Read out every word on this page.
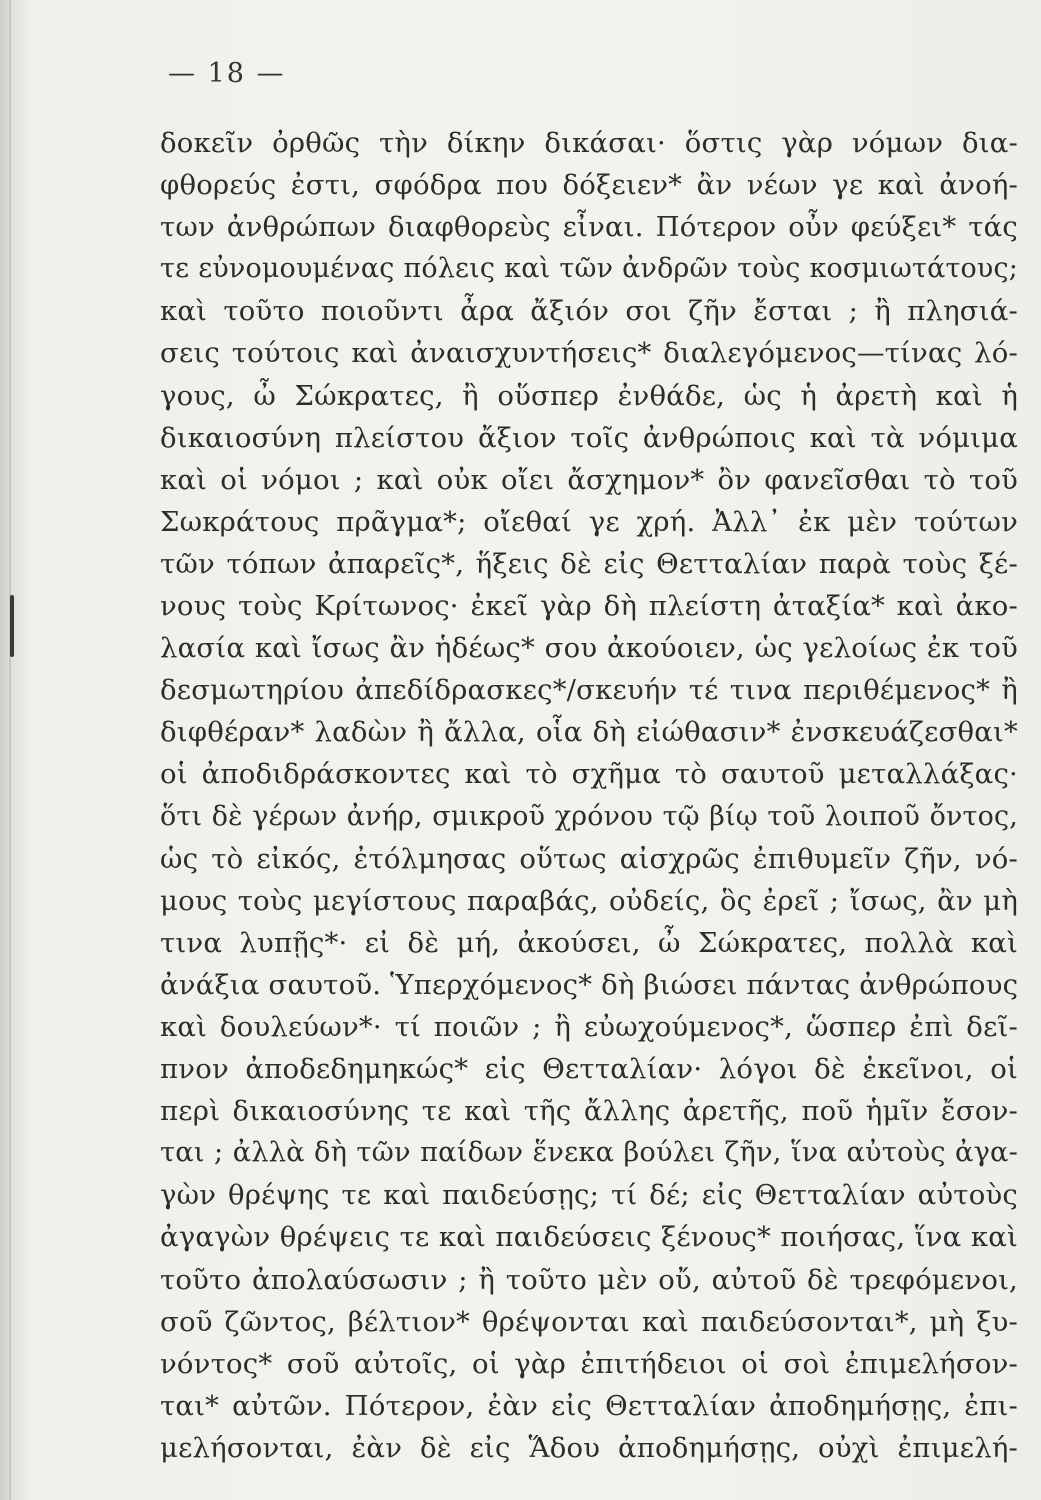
— 18 —
δοκεῖν ὀρθῶς τὴν δίκην δικάσαι· ὅστις γὰρ νόμων δια-
φθορεύς ἐστι, σφόδρα που δόξειεν* ἂν νέων γε καὶ ἀνοή-
των ἀνθρώπων διαφθορεὺς εἶναι. Πότερον οὖν φεύξει* τάς
τε εὐνομουμένας πόλεις καὶ τῶν ἀνδρῶν τοὺς κοσμιωτάτους;
καὶ τοῦτο ποιοῦντι ἆρα ἄξιόν σοι ζῆν ἔσται ; ἢ πλησιά-
σεις τούτοις καὶ ἀναισχυντήσεις* διαλεγόμενος—τίνας λό-
γους, ὦ Σώκρατες, ἢ οὕσπερ ἐνθάδε, ὡς ἡ ἀρετὴ καὶ ἡ
δικαιοσύνη πλείστου ἄξιον τοῖς ἀνθρώποις καὶ τὰ νόμιμα
καὶ οἱ νόμοι ; καὶ οὐκ οἴει ἄσχημον* ὂν φανεῖσθαι τὸ τοῦ
Σωκράτους πρᾶγμα*; οἴεθαί γε χρή. Ἀλλ᾽ ἐκ μὲν τούτων
τῶν τόπων ἀπαρεῖς*, ἥξεις δὲ εἰς Θετταλίαν παρὰ τοὺς ξέ-
νους τοὺς Κρίτωνος· ἐκεῖ γὰρ δὴ πλείστη ἀταξία* καὶ ἀκο-
λασία καὶ ἴσως ἂν ἡδέως* σου ἀκούοιεν, ὡς γελοίως ἐκ τοῦ
δεσμωτηρίου ἀπεδίδρασκες*/σκευήν τέ τινα περιθέμενος* ἢ
διφθέραν* λαδὼν ἢ ἄλλα, οἷα δὴ εἰώθασιν* ἐνσκευάζεσθαι*
οἱ ἀποδιδράσκοντες καὶ τὸ σχῆμα τὸ σαυτοῦ μεταλλάξας·
ὅτι δὲ γέρων ἀνήρ, σμικροῦ χρόνου τῷ βίῳ τοῦ λοιποῦ ὄντος,
ὡς τὸ εἰκός, ἐτόλμησας οὕτως αἰσχρῶς ἐπιθυμεῖν ζῆν, νό-
μους τοὺς μεγίστους παραβάς, οὐδείς, ὃς ἐρεῖ ; ἴσως, ἂν μὴ
τινα λυπῇς*· εἰ δὲ μή, ἀκούσει, ὦ Σώκρατες, πολλὰ καὶ
ἀνάξια σαυτοῦ. Ὑπερχόμενος* δὴ βιώσει πάντας ἀνθρώπους
καὶ δουλεύων*· τί ποιῶν ; ἢ εὐωχούμενος*, ὥσπερ ἐπὶ δεῖ-
πνον ἀποδεδημηκώς* εἰς Θετταλίαν· λόγοι δὲ ἐκεῖνοι, οἱ
περὶ δικαιοσύνης τε καὶ τῆς ἄλλης ἀρετῆς, ποῦ ἡμῖν ἔσον-
ται ; ἀλλὰ δὴ τῶν παίδων ἕνεκα βούλει ζῆν, ἵνα αὐτοὺς ἀγα-
γὼν θρέψης τε καὶ παιδεύσῃς; τί δέ; εἰς Θετταλίαν αὐτοὺς
ἀγαγὼν θρέψεις τε καὶ παιδεύσεις ξένους* ποιήσας, ἵνα καὶ
τοῦτο ἀπολαύσωσιν ; ἢ τοῦτο μὲν οὔ, αὐτοῦ δὲ τρεφόμενοι,
σοῦ ζῶντος, βέλτιον* θρέψονται καὶ παιδεύσονται*, μὴ ξυ-
νόντος* σοῦ αὐτοῖς, οἱ γὰρ ἐπιτήδειοι οἱ σοὶ ἐπιμελήσον-
ται* αὐτῶν. Πότερον, ἐὰν εἰς Θετταλίαν ἀποδημήσῃς, ἐπι-
μελήσονται, ἐὰν δὲ εἰς Ἅδου ἀποδημήσῃς, οὐχὶ ἐπιμελή-
